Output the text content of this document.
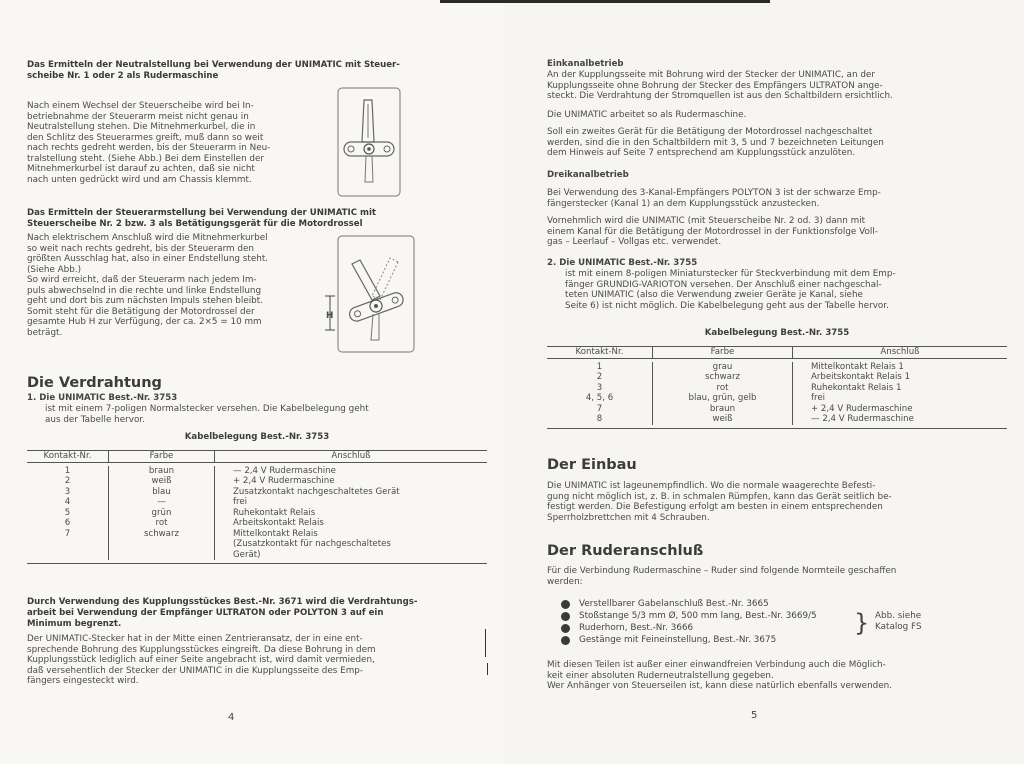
Das Ermitteln der Neutralstellung bei Verwendung der UNIMATIC mit Steuer-
scheibe Nr. 1 oder 2 als Rudermaschine

Nach einem Wechsel der Steuerscheibe wird bei In-
betriebnahme der Steuerarm meist nicht genau in
Neutralstellung stehen. Die Mitnehmerkurbel, die in
den Schlitz des Steuerarmes greift, muß dann so weit
nach rechts gedreht werden, bis der Steuerarm in Neu-
tralstellung steht. (Siehe Abb.) Bei dem Einstellen der
Mitnehmerkurbel ist darauf zu achten, daß sie nicht
nach unten gedrückt wird und am Chassis klemmt.

Das Ermitteln der Steuerarmstellung bei Verwendung der UNIMATIC mit
Steuerscheibe Nr. 2 bzw. 3 als Betätigungsgerät für die Motordrossel

Nach elektrischem Anschluß wird die Mitnehmerkurbel
so weit nach rechts gedreht, bis der Steuerarm den
größten Ausschlag hat, also in einer Endstellung steht.
(Siehe Abb.)
So wird erreicht, daß der Steuerarm nach jedem Im-
puls abwechselnd in die rechte und linke Endstellung
geht und dort bis zum nächsten Impuls stehen bleibt.
Somit steht für die Betätigung der Motordrossel der
gesamte Hub H zur Verfügung, der ca. 2×5 = 10 mm
beträgt.

H
Die Verdrahtung

1. Die UNIMATIC Best.-Nr. 3753

ist mit einem 7-poligen Normalstecker versehen. Die Kabelbelegung geht
aus der Tabelle hervor.

Kabelbelegung Best.-Nr. 3753

Kontakt-Nr.	Farbe	Anschluß
1	braun	— 2,4 V Rudermaschine
2	weiß	+ 2,4 V Rudermaschine
3	blau	Zusatzkontakt nachgeschaltetes Gerät
4	—	frei
5	grün	Ruhekontakt Relais
6	rot	Arbeitskontakt Relais
7	schwarz	Mittelkontakt Relais
(Zusatzkontakt für nachgeschaltetes
Gerät)

Durch Verwendung des Kupplungsstückes Best.-Nr. 3671 wird die Verdrahtungs-
arbeit bei Verwendung der Empfänger ULTRATON oder POLYTON 3 auf ein
Minimum begrenzt.

Der UNIMATIC-Stecker hat in der Mitte einen Zentrieransatz, der in eine ent-
sprechende Bohrung des Kupplungsstückes eingreift. Da diese Bohrung in dem
Kupplungsstück lediglich auf einer Seite angebracht ist, wird damit vermieden,
daß versehentlich der Stecker der UNIMATIC in die Kupplungsseite des Emp-
fängers eingesteckt wird.

4

Einkanalbetrieb

An der Kupplungsseite mit Bohrung wird der Stecker der UNIMATIC, an der
Kupplungsseite ohne Bohrung der Stecker des Empfängers ULTRATON ange-
steckt. Die Verdrahtung der Stromquellen ist aus den Schaltbildern ersichtlich.

Die UNIMATIC arbeitet so als Rudermaschine.

Soll ein zweites Gerät für die Betätigung der Motordrossel nachgeschaltet
werden, sind die in den Schaltbildern mit 3, 5 und 7 bezeichneten Leitungen
dem Hinweis auf Seite 7 entsprechend am Kupplungsstück anzulöten.

Dreikanalbetrieb

Bei Verwendung des 3-Kanal-Empfängers POLYTON 3 ist der schwarze Emp-
fängerstecker (Kanal 1) an dem Kupplungsstück anzustecken.

Vornehmlich wird die UNIMATIC (mit Steuerscheibe Nr. 2 od. 3) dann mit
einem Kanal für die Betätigung der Motordrossel in der Funktionsfolge Voll-
gas – Leerlauf – Vollgas etc. verwendet.

2. Die UNIMATIC Best.-Nr. 3755

ist mit einem 8-poligen Miniaturstecker für Steckverbindung mit dem Emp-
fänger GRUNDIG-VARIOTON versehen. Der Anschluß einer nachgeschal-
teten UNIMATIC (also die Verwendung zweier Geräte je Kanal, siehe
Seite 6) ist nicht möglich. Die Kabelbelegung geht aus der Tabelle hervor.

Kabelbelegung Best.-Nr. 3755

Kontakt-Nr.	Farbe	Anschluß
1	grau	Mittelkontakt Relais 1
2	schwarz	Arbeitskontakt Relais 1
3	rot	Ruhekontakt Relais 1
4, 5, 6	blau, grün, gelb	frei
7	braun	+ 2,4 V Rudermaschine
8	weiß	— 2,4 V Rudermaschine
Der Einbau

Die UNIMATIC ist lageunempfindlich. Wo die normale waagerechte Befesti-
gung nicht möglich ist, z. B. in schmalen Rümpfen, kann das Gerät seitlich be-
festigt werden. Die Befestigung erfolgt am besten in einem entsprechenden
Sperrholzbrettchen mit 4 Schrauben.

Der Ruderanschluß

Für die Verbindung Rudermaschine – Ruder sind folgende Normteile geschaffen
werden:

Verstellbarer Gabelanschluß Best.-Nr. 3665
Stoßstange 5/3 mm Ø, 500 mm lang, Best.-Nr. 3669/5
Ruderhorn, Best.-Nr. 3666
Gestänge mit Feineinstellung, Best.-Nr. 3675
} Abb. siehe
Katalog FS

Mit diesen Teilen ist außer einer einwandfreien Verbindung auch die Möglich-
keit einer absoluten Ruderneutralstellung gegeben.
Wer Anhänger von Steuerseilen ist, kann diese natürlich ebenfalls verwenden.

5
